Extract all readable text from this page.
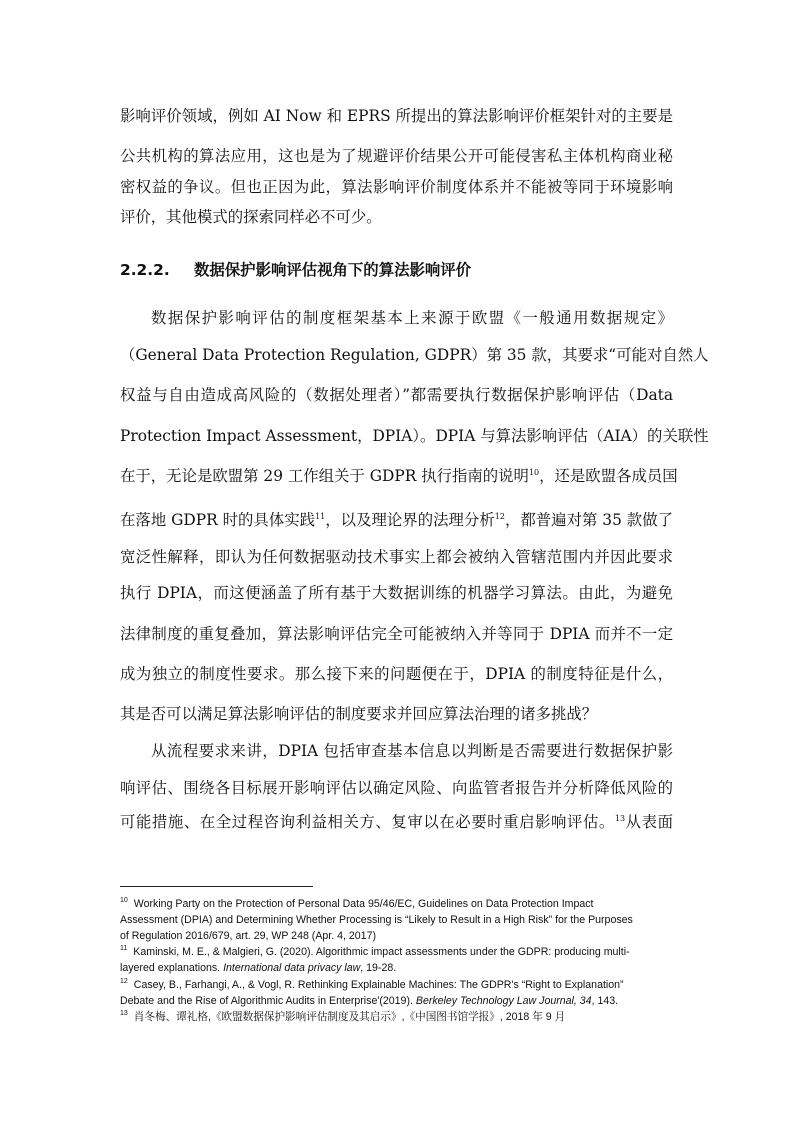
影响评价领域，例如 AI Now 和 EPRS 所提出的算法影响评价框架针对的主要是
公共机构的算法应用，这也是为了规避评价结果公开可能侵害私主体机构商业秘
密权益的争议。但也正因为此，算法影响评价制度体系并不能被等同于环境影响
评价，其他模式的探索同样必不可少。
2.2.2. 数据保护影响评估视角下的算法影响评价
数据保护影响评估的制度框架基本上来源于欧盟《一般通用数据规定》
（General Data Protection Regulation, GDPR）第 35 款，其要求“可能对自然人
权益与自由造成高风险的（数据处理者）”都需要执行数据保护影响评估（Data
Protection Impact Assessment，DPIA）。DPIA 与算法影响评估（AIA）的关联性
在于，无论是欧盟第 29 工作组关于 GDPR 执行指南的说明$^{10}$，还是欧盟各成员国
在落地 GDPR 时的具体实践$^{11}$，以及理论界的法理分析$^{12}$，都普遍对第 35 款做了
宽泛性解释，即认为任何数据驱动技术事实上都会被纳入管辖范围内并因此要求
执行 DPIA，而这便涵盖了所有基于大数据训练的机器学习算法。由此，为避免
法律制度的重复叠加，算法影响评估完全可能被纳入并等同于 DPIA 而并不一定
成为独立的制度性要求。那么接下来的问题便在于，DPIA 的制度特征是什么，
其是否可以满足算法影响评估的制度要求并回应算法治理的诸多挑战？
从流程要求来讲，DPIA 包括审查基本信息以判断是否需要进行数据保护影
响评估、围绕各目标展开影响评估以确定风险、向监管者报告并分析降低风险的
可能措施、在全过程咨询利益相关方、复审以在必要时重启影响评估。$^{13}$从表面
$^{10}$ Working Party on the Protection of Personal Data 95/46/EC, Guidelines on Data Protection Impact
Assessment (DPIA) and Determining Whether Processing is “Likely to Result in a High Risk” for the Purposes
of Regulation 2016/679, art. 29, WP 248 (Apr. 4, 2017)
$^{11}$ Kaminski, M. E., & Malgieri, G. (2020). Algorithmic impact assessments under the GDPR: producing multi-
layered explanations. International data privacy law, 19-28.
$^{12}$ Casey, B., Farhangi, A., & Vogl, R. Rethinking Explainable Machines: The GDPR's “Right to Explanation”
Debate and the Rise of Algorithmic Audits in Enterprise'(2019). Berkeley Technology Law Journal, 34, 143.
$^{13}$ 肖冬梅、谭礼格,《欧盟数据保护影响评估制度及其启示》,《中国图书馆学报》, 2018 年 9 月
